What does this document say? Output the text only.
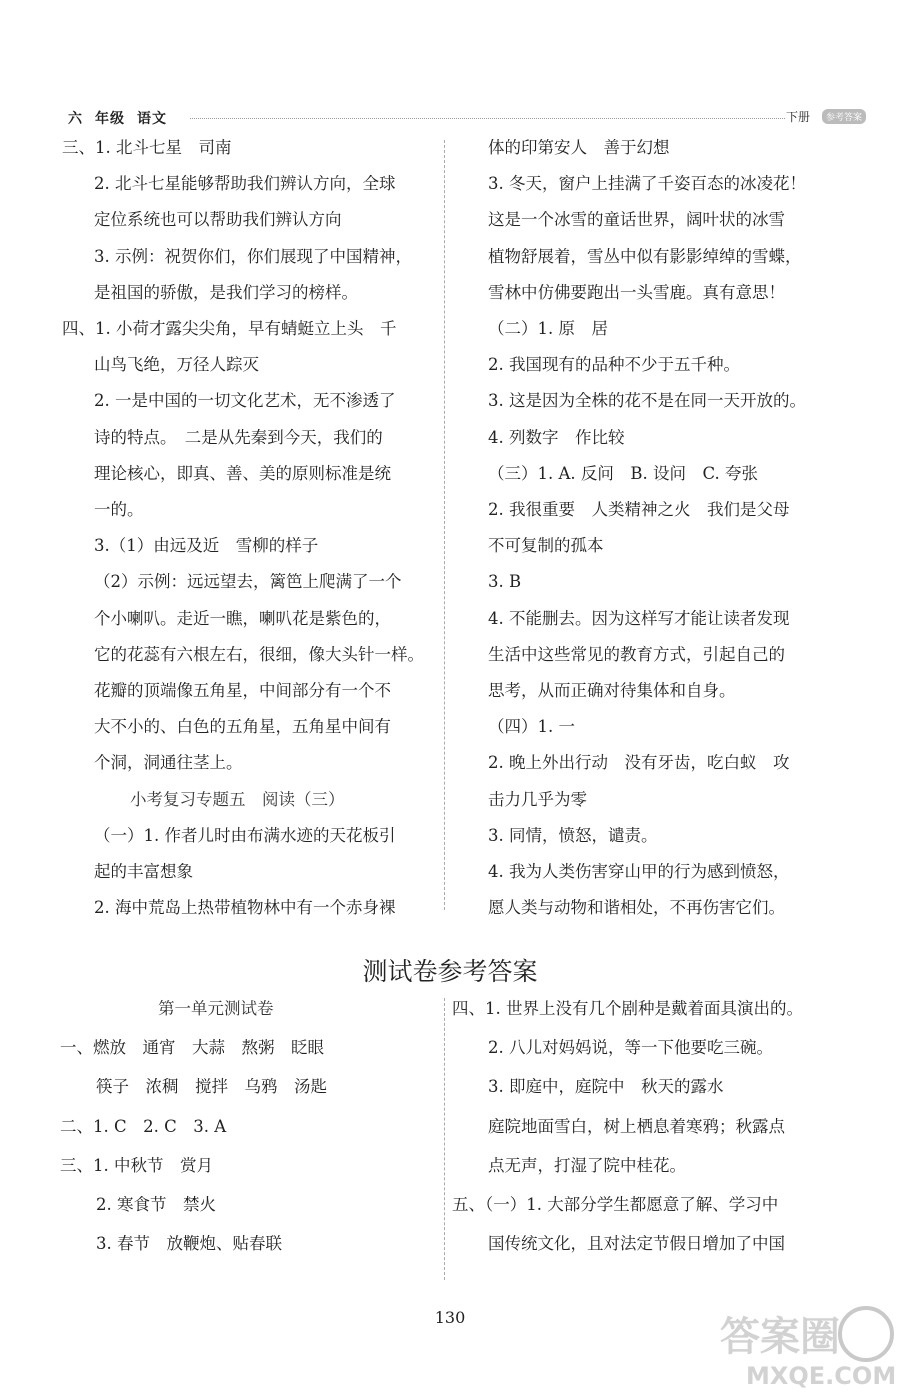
六 年级 语文	下册	参考答案
三、1. 北斗七星　司南
2. 北斗七星能够帮助我们辨认方向，全球
定位系统也可以帮助我们辨认方向
3. 示例：祝贺你们，你们展现了中国精神，
是祖国的骄傲，是我们学习的榜样。
四、1. 小荷才露尖尖角，早有蜻蜓立上头　千
山鸟飞绝，万径人踪灭
2. 一是中国的一切文化艺术，无不渗透了
诗的特点。　二是从先秦到今天，我们的
理论核心，即真、善、美的原则标准是统
一的。
3.（1）由远及近　雪柳的样子
（2）示例：远远望去，篱笆上爬满了一个
个小喇叭。走近一瞧，喇叭花是紫色的，
它的花蕊有六根左右，很细，像大头针一样。
花瓣的顶端像五角星，中间部分有一个不
大不小的、白色的五角星，五角星中间有
个洞，洞通往茎上。
小考复习专题五　阅读（三）
（一）1. 作者儿时由布满水迹的天花板引
起的丰富想象
2. 海中荒岛上热带植物林中有一个赤身裸
体的印第安人　善于幻想
3. 冬天，窗户上挂满了千姿百态的冰凌花！
这是一个冰雪的童话世界，阔叶状的冰雪
植物舒展着，雪丛中似有影影绰绰的雪蝶，
雪林中仿佛要跑出一头雪鹿。真有意思！
（二）1. 原　居
2. 我国现有的品种不少于五千种。
3. 这是因为全株的花不是在同一天开放的。
4. 列数字　作比较
（三）1. A. 反问　B. 设问　C. 夸张
2. 我很重要　人类精神之火　我们是父母
不可复制的孤本
3. B
4. 不能删去。因为这样写才能让读者发现
生活中这些常见的教育方式，引起自己的
思考，从而正确对待集体和自身。
（四）1. 一
2. 晚上外出行动　没有牙齿，吃白蚁　攻
击力几乎为零
3. 同情，愤怒，谴责。
4. 我为人类伤害穿山甲的行为感到愤怒，
愿人类与动物和谐相处，不再伤害它们。
测试卷参考答案
第一单元测试卷
一、燃放　通宵　大蒜　熬粥　眨眼
筷子　浓稠　搅拌　乌鸦　汤匙
二、1. C　2. C　3. A
三、1. 中秋节　赏月
2. 寒食节　禁火
3. 春节　放鞭炮、贴春联
四、1. 世界上没有几个剧种是戴着面具演出的。
2. 八儿对妈妈说，等一下他要吃三碗。
3. 即庭中，庭院中　秋天的露水
庭院地面雪白，树上栖息着寒鸦；秋露点
点无声，打湿了院中桂花。
五、（一）1. 大部分学生都愿意了解、学习中
国传统文化，且对法定节假日增加了中国
130	答案圈
MXQE.COM
